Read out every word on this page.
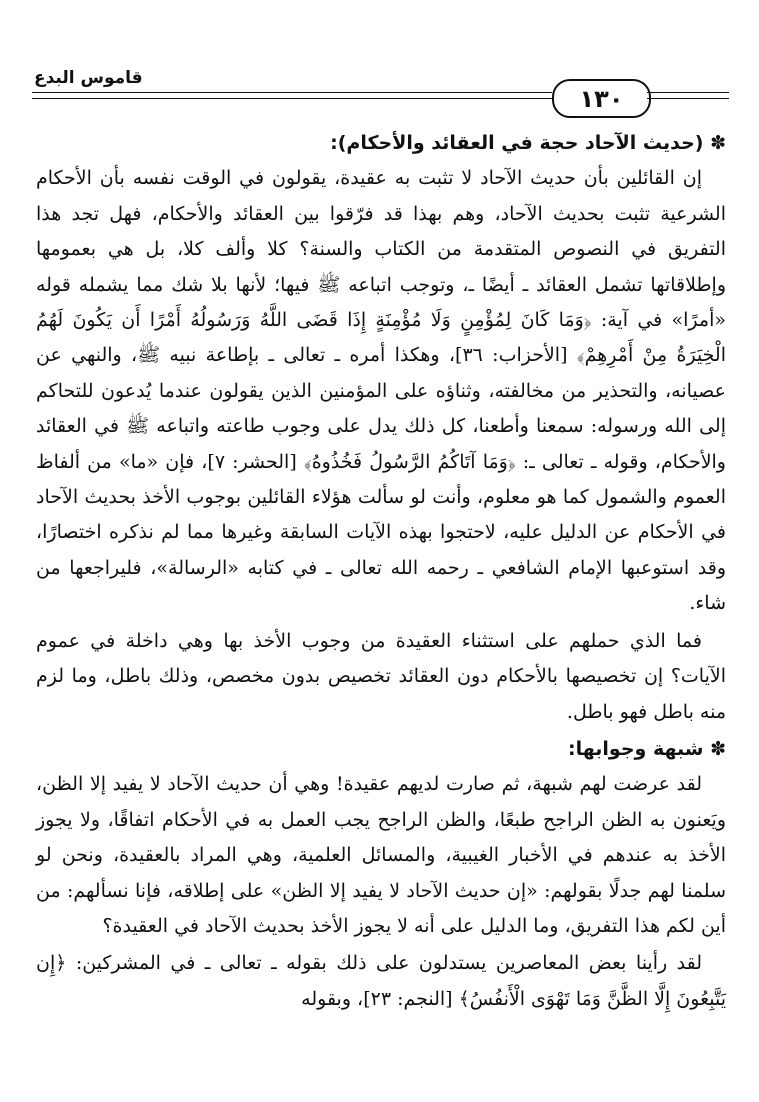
قاموس البدع
١٣٠
✽ (حديث الآحاد حجة في العقائد والأحكام):

إن القائلين بأن حديث الآحاد لا تثبت به عقيدة، يقولون في الوقت نفسه بأن الأحكام الشرعية تثبت بحديث الآحاد، وهم بهذا قد فرّقوا بين العقائد والأحكام، فهل تجد هذا التفريق في النصوص المتقدمة من الكتاب والسنة؟ كلا وألف كلا، بل هي بعمومها وإطلاقاتها تشمل العقائد ـ أيضًا ـ، وتوجب اتباعه ﷺ فيها؛ لأنها بلا شك مما يشمله قوله «أمرًا» في آية: ﴿وَمَا كَانَ لِمُؤْمِنٍ وَلَا مُؤْمِنَةٍ إِذَا قَضَى اللَّهُ وَرَسُولُهُ أَمْرًا أَن يَكُونَ لَهُمُ الْخِيَرَةُ مِنْ أَمْرِهِمْ﴾ [الأحزاب: ٣٦]، وهكذا أمره ـ تعالى ـ بإطاعة نبيه ﷺ، والنهي عن عصيانه، والتحذير من مخالفته، وثناؤه على المؤمنين الذين يقولون عندما يُدعون للتحاكم إلى الله ورسوله: سمعنا وأطعنا، كل ذلك يدل على وجوب طاعته واتباعه ﷺ في العقائد والأحكام، وقوله ـ تعالى ـ: ﴿وَمَا آتَاكُمُ الرَّسُولُ فَخُذُوهُ﴾ [الحشر: ٧]، فإن «ما» من ألفاظ العموم والشمول كما هو معلوم، وأنت لو سألت هؤلاء القائلين بوجوب الأخذ بحديث الآحاد في الأحكام عن الدليل عليه، لاحتجوا بهذه الآيات السابقة وغيرها مما لم نذكره اختصارًا، وقد استوعبها الإمام الشافعي ـ رحمه الله تعالى ـ في كتابه «الرسالة»، فليراجعها من شاء.

فما الذي حملهم على استثناء العقيدة من وجوب الأخذ بها وهي داخلة في عموم الآيات؟ إن تخصيصها بالأحكام دون العقائد تخصيص بدون مخصص، وذلك باطل، وما لزم منه باطل فهو باطل.

✽ شبهة وجوابها:

لقد عرضت لهم شبهة، ثم صارت لديهم عقيدة! وهي أن حديث الآحاد لا يفيد إلا الظن، ويَعنون به الظن الراجح طبعًا، والظن الراجح يجب العمل به في الأحكام اتفاقًا، ولا يجوز الأخذ به عندهم في الأخبار الغيبية، والمسائل العلمية، وهي المراد بالعقيدة، ونحن لو سلمنا لهم جدلًا بقولهم: «إن حديث الآحاد لا يفيد إلا الظن» على إطلاقه، فإنا نسألهم: من أين لكم هذا التفريق، وما الدليل على أنه لا يجوز الأخذ بحديث الآحاد في العقيدة؟

لقد رأينا بعض المعاصرين يستدلون على ذلك بقوله ـ تعالى ـ في المشركين: ﴿إِن يَتَّبِعُونَ إِلَّا الظَّنَّ وَمَا تَهْوَى الْأَنفُسُ﴾ [النجم: ٢٣]، وبقوله
